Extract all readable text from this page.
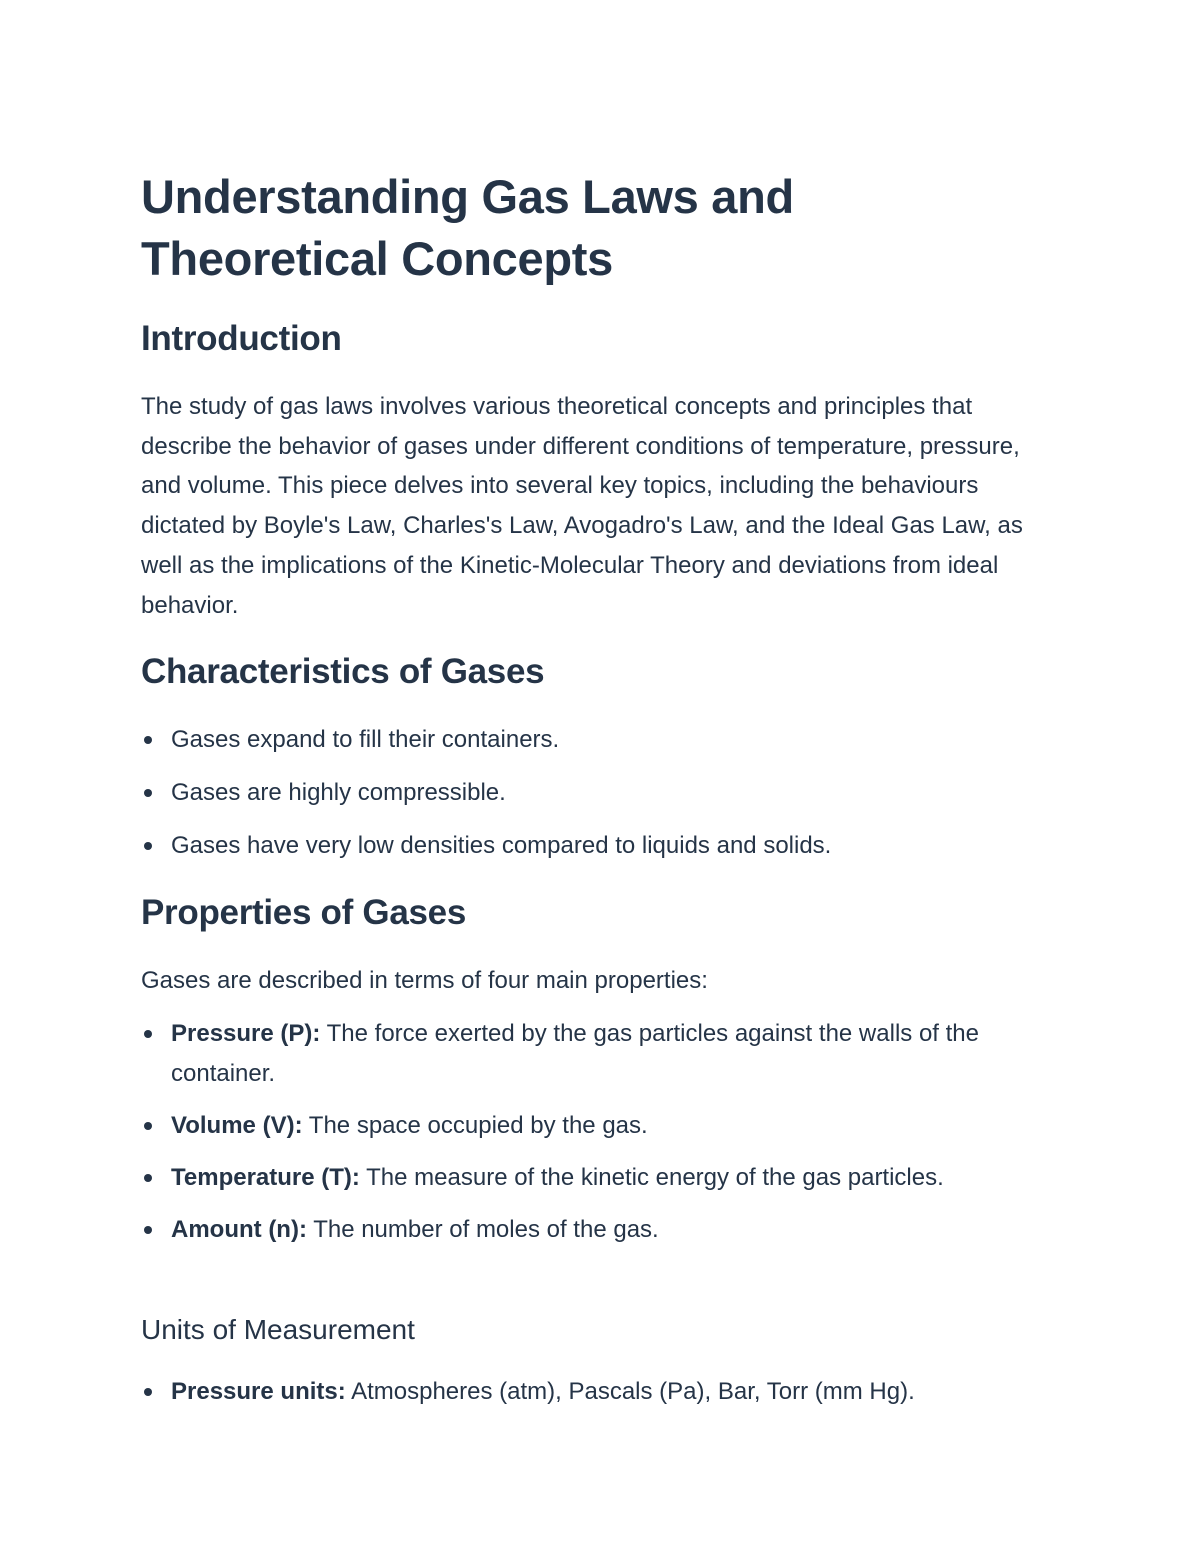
Understanding Gas Laws and Theoretical Concepts
Introduction

The study of gas laws involves various theoretical concepts and principles that describe the behavior of gases under different conditions of temperature, pressure, and volume. This piece delves into several key topics, including the behaviours dictated by Boyle's Law, Charles's Law, Avogadro's Law, and the Ideal Gas Law, as well as the implications of the Kinetic-Molecular Theory and deviations from ideal behavior.

Characteristics of Gases
Gases expand to fill their containers.
Gases are highly compressible.
Gases have very low densities compared to liquids and solids.
Properties of Gases

Gases are described in terms of four main properties:

Pressure (P): The force exerted by the gas particles against the walls of the container.
Volume (V): The space occupied by the gas.
Temperature (T): The measure of the kinetic energy of the gas particles.
Amount (n): The number of moles of the gas.
Units of Measurement
Pressure units: Atmospheres (atm), Pascals (Pa), Bar, Torr (mm Hg).
